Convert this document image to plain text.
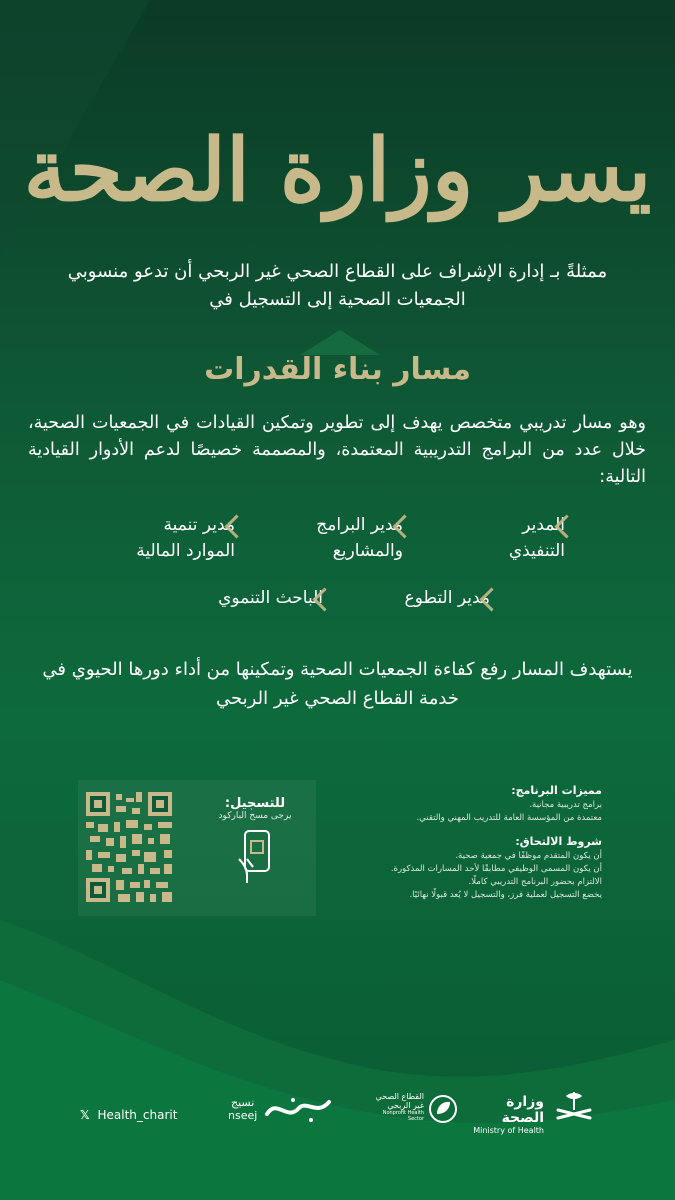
يسر وزارة الصحة
ممثلةً بـ إدارة الإشراف على القطاع الصحي غير الربحي أن تدعو منسوبي الجمعيات الصحية إلى التسجيل في
مسار بناء القدرات
وهو مسار تدريبي متخصص يهدف إلى تطوير وتمكين القيادات في الجمعيات الصحية، خلال عدد من البرامج التدريبية المعتمدة، والمصممة خصيصًا لدعم الأدوار القيادية التالية:
المدير
التنفيذي
مدير البرامج
والمشاريع
مدير تنمية
الموارد المالية
مدير التطوع
الباحث التنموي
يستهدف المسار رفع كفاءة الجمعيات الصحية وتمكينها من أداء دورها الحيوي في خدمة القطاع الصحي غير الربحي
للتسجيل:
يرجى مسح الباركود
مميزات البرنامج:
برامج تدريبية مجانية.
معتمدة من المؤسسة العامة للتدريب المهني والتقني.
شروط الالتحاق:
أن يكون المتقدم موظفًا في جمعية صحية.
أن يكون المسمى الوظيفي مطابقًا لأحد المسارات المذكورة.
الالتزام بحضور البرنامج التدريبي كاملًا.
يخضع التسجيل لعملية فرز، والتسجيل لا يُعد قبولًا نهائيًا.
𝕏 Health_charit
نسيج
nseej
القطاع الصحي
غير الربحي
Nonprofit Health Sector
وزارة الصحة
Ministry of Health
